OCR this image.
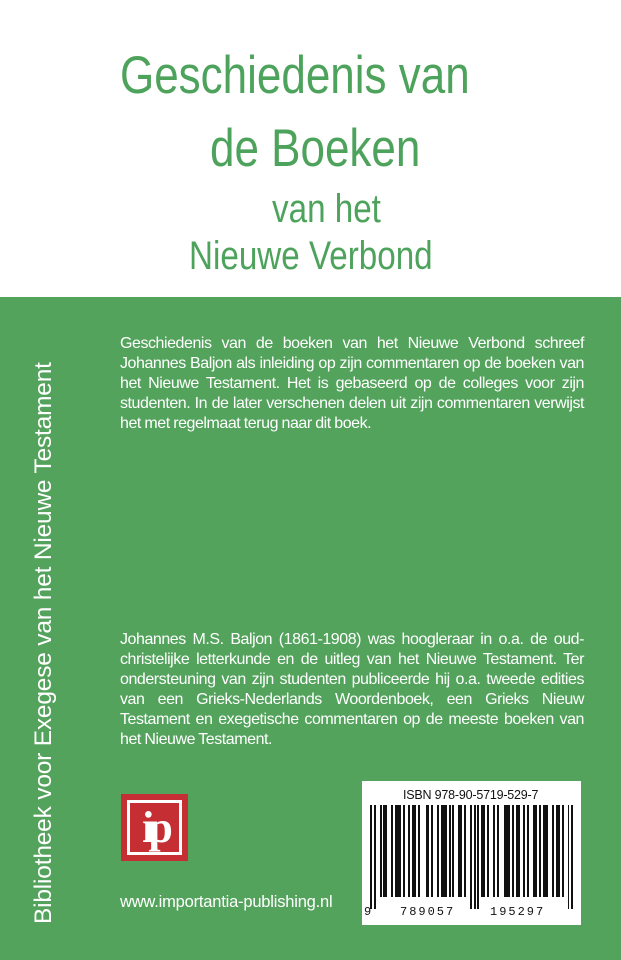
Geschiedenis van
de Boeken
van het
Nieuwe Verbond
Bibliotheek voor Exegese van het Nieuwe Testament
Geschiedenis van de boeken van het Nieuwe Verbond schreef Johannes Baljon als inleiding op zijn commentaren op de boeken van het Nieuwe Testament. Het is gebaseerd op de colleges voor zijn studenten. In de later verschenen delen uit zijn commentaren verwijst het met regelmaat terug naar dit boek.
Johannes M.S. Baljon (1861-1908) was hoogleraar in o.a. de oud-christelijke letterkunde en de uitleg van het Nieuwe Testament. Ter ondersteuning van zijn studenten publiceerde hij o.a. tweede edities van een Grieks-Nederlands Woordenboek, een Grieks Nieuw Testament en exegetische commentaren op de meeste boeken van het Nieuwe Testament.
ip
www.importantia-publishing.nl
ISBN 978-90-5719-529-7
9 789057	195297
